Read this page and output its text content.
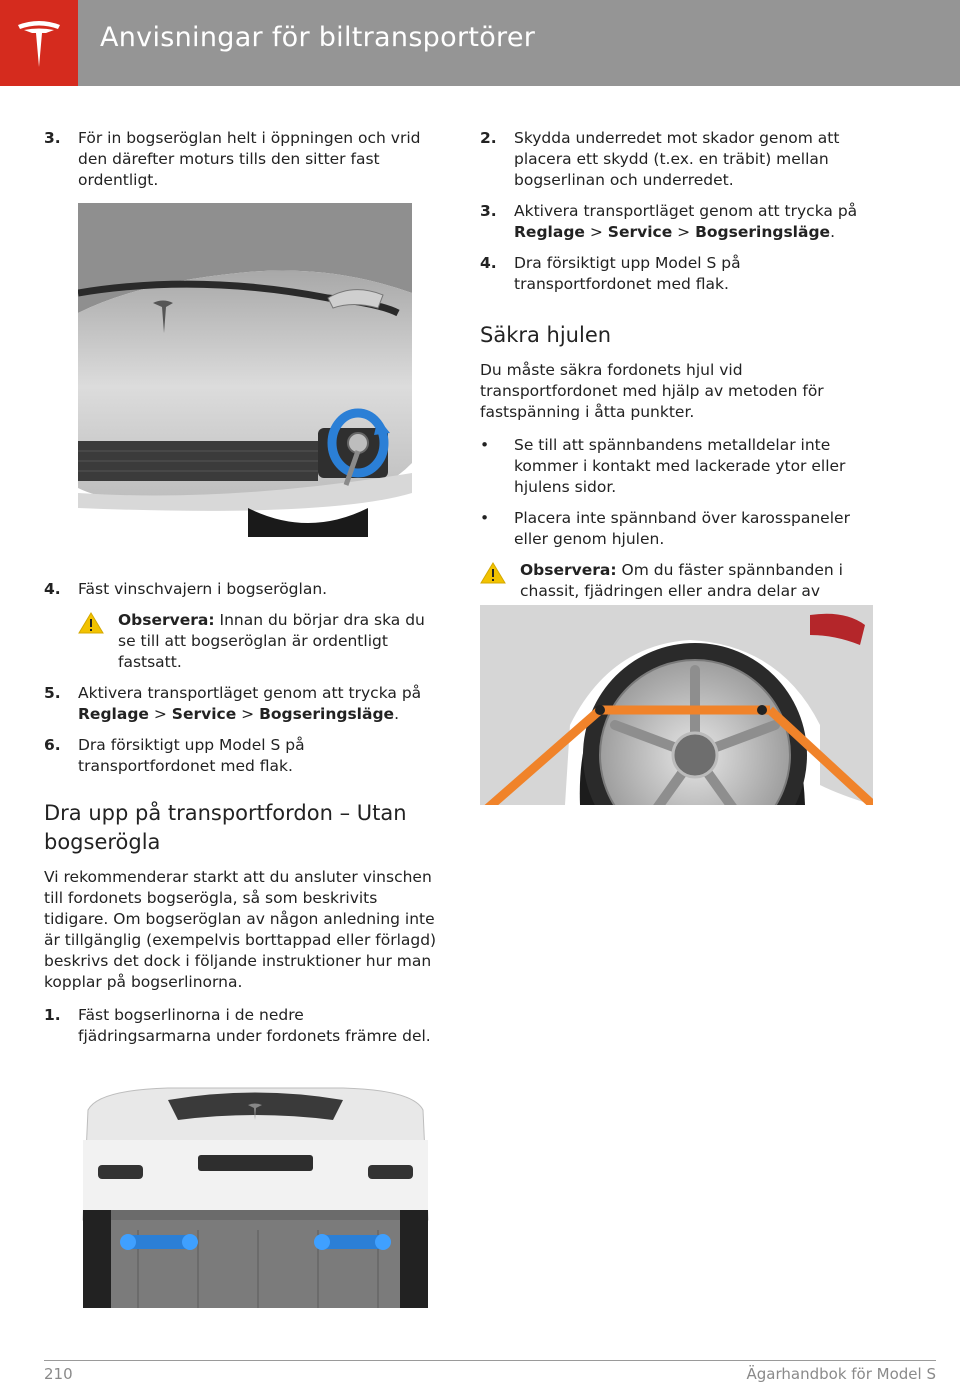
Anvisningar för biltransportörer
3. För in bogseröglan helt i öppningen och vrid den därefter moturs tills den sitter fast ordentligt.
4. Fäst vinschvajern i bogseröglan.
Observera: Innan du börjar dra ska du se till att bogseröglan är ordentligt fastsatt.
5. Aktivera transportläget genom att trycka på Reglage > Service > Bogseringsläge.
6. Dra försiktigt upp Model S på transportfordonet med flak.
Dra upp på transportfordon – Utan bogserögla
Vi rekommenderar starkt att du ansluter vinschen till fordonets bogserögla, så som beskrivits tidigare. Om bogseröglan av någon anledning inte är tillgänglig (exempelvis borttappad eller förlagd) beskrivs det dock i följande instruktioner hur man kopplar på bogserlinorna.
1. Fäst bogserlinorna i de nedre fjädringsarmarna under fordonets främre del.
2. Skydda underredet mot skador genom att placera ett skydd (t.ex. en träbit) mellan bogserlinan och underredet.
3. Aktivera transportläget genom att trycka på Reglage > Service > Bogseringsläge.
4. Dra försiktigt upp Model S på transportfordonet med flak.
Säkra hjulen
Du måste säkra fordonets hjul vid transportfordonet med hjälp av metoden för fastspänning i åtta punkter.
• Se till att spännbandens metalldelar inte kommer i kontakt med lackerade ytor eller hjulens sidor.
• Placera inte spännband över karosspaneler eller genom hjulen.
Observera: Om du fäster spännbanden i chassit, fjädringen eller andra delar av
210	Ägarhandbok för Model S
